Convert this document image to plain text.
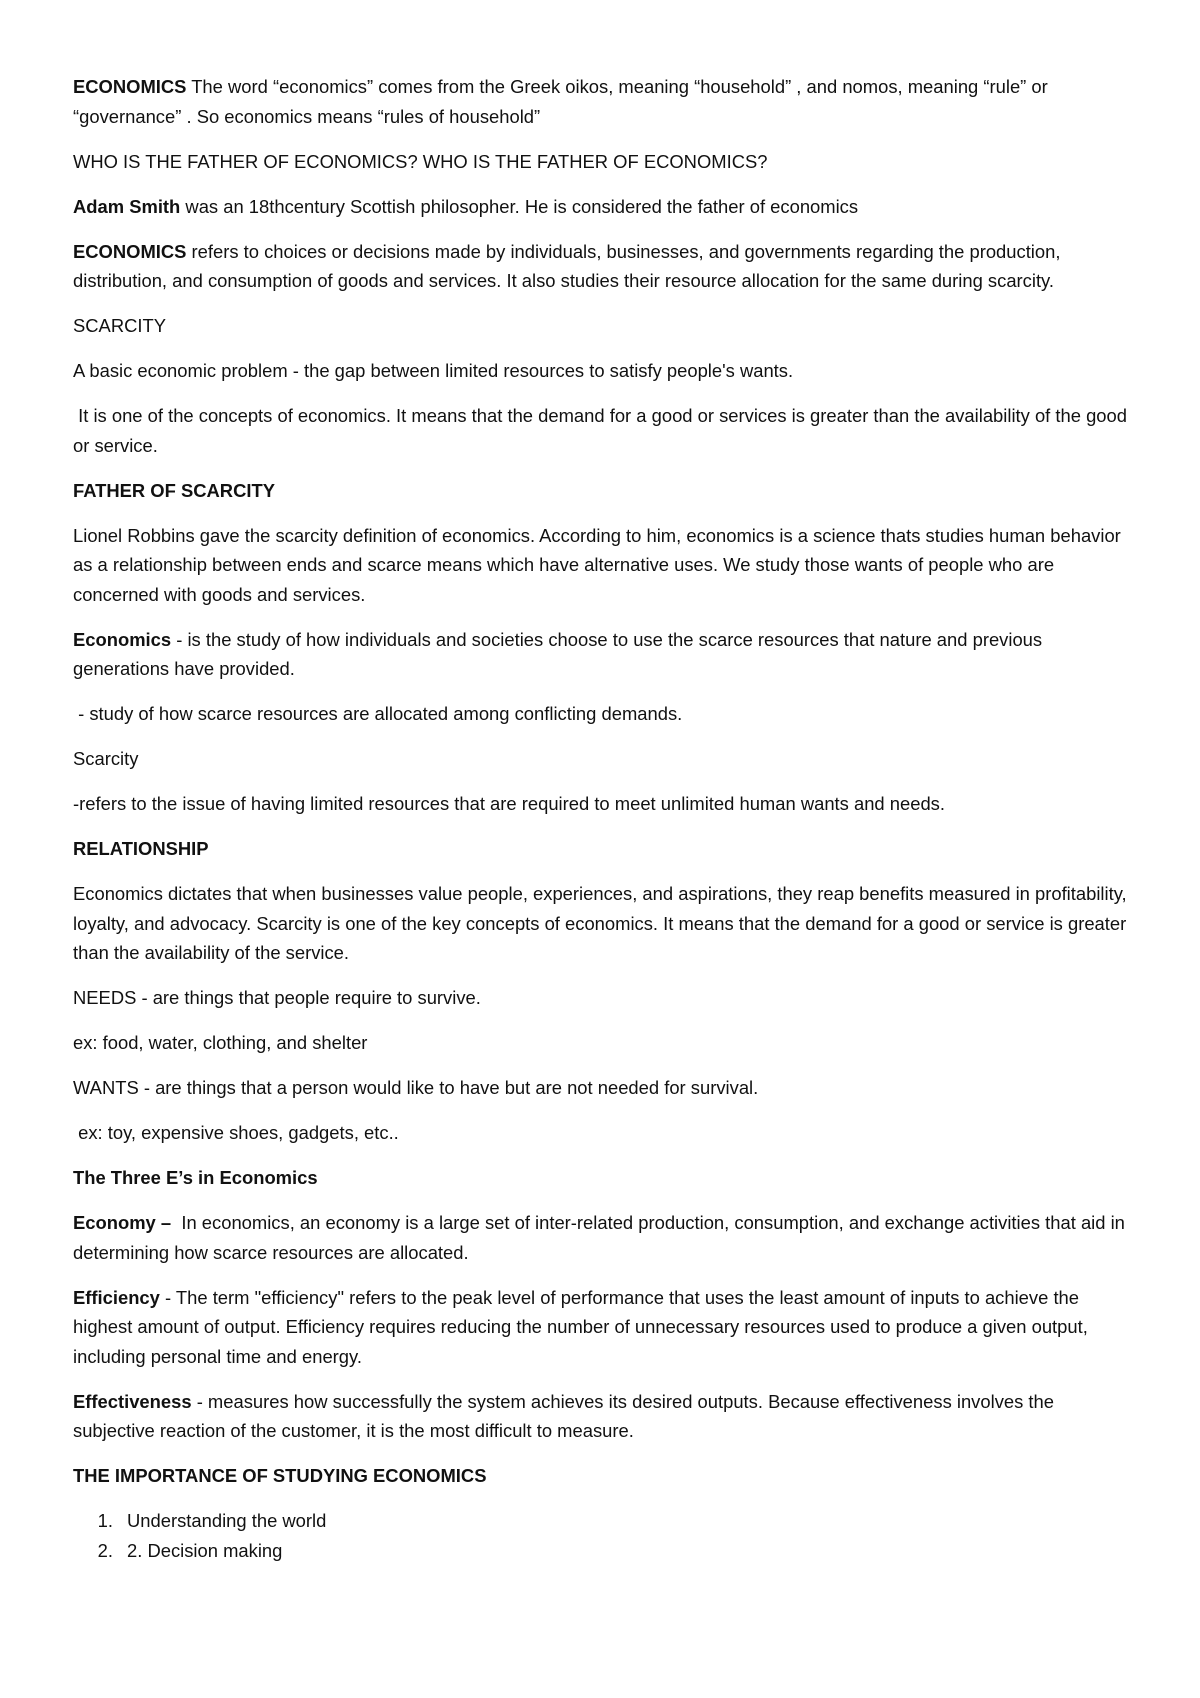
ECONOMICS The word “economics” comes from the Greek oikos, meaning “household” , and nomos, meaning “rule” or “governance” . So economics means “rules of household”

WHO IS THE FATHER OF ECONOMICS? WHO IS THE FATHER OF ECONOMICS?

Adam Smith was an 18thcentury Scottish philosopher. He is considered the father of economics

ECONOMICS refers to choices or decisions made by individuals, businesses, and governments regarding the production, distribution, and consumption of goods and services. It also studies their resource allocation for the same during scarcity.

SCARCITY

A basic economic problem - the gap between limited resources to satisfy people's wants.

It is one of the concepts of economics. It means that the demand for a good or services is greater than the availability of the good or service.

FATHER OF SCARCITY

Lionel Robbins gave the scarcity definition of economics. According to him, economics is a science thats studies human behavior as a relationship between ends and scarce means which have alternative uses. We study those wants of people who are concerned with goods and services.

Economics - is the study of how individuals and societies choose to use the scarce resources that nature and previous generations have provided.

- study of how scarce resources are allocated among conflicting demands.

Scarcity

-refers to the issue of having limited resources that are required to meet unlimited human wants and needs.

RELATIONSHIP

Economics dictates that when businesses value people, experiences, and aspirations, they reap benefits measured in profitability, loyalty, and advocacy. Scarcity is one of the key concepts of economics. It means that the demand for a good or service is greater than the availability of the service.

NEEDS - are things that people require to survive.

ex: food, water, clothing, and shelter

WANTS - are things that a person would like to have but are not needed for survival.

ex: toy, expensive shoes, gadgets, etc..

The Three E’s in Economics

Economy –  In economics, an economy is a large set of inter-related production, consumption, and exchange activities that aid in determining how scarce resources are allocated.

Efficiency - The term "efficiency" refers to the peak level of performance that uses the least amount of inputs to achieve the highest amount of output. Efficiency requires reducing the number of unnecessary resources used to produce a given output, including personal time and energy.

Effectiveness - measures how successfully the system achieves its desired outputs. Because effectiveness involves the subjective reaction of the customer, it is the most difficult to measure.

THE IMPORTANCE OF STUDYING ECONOMICS

1. Understanding the world
2. 2. Decision making
